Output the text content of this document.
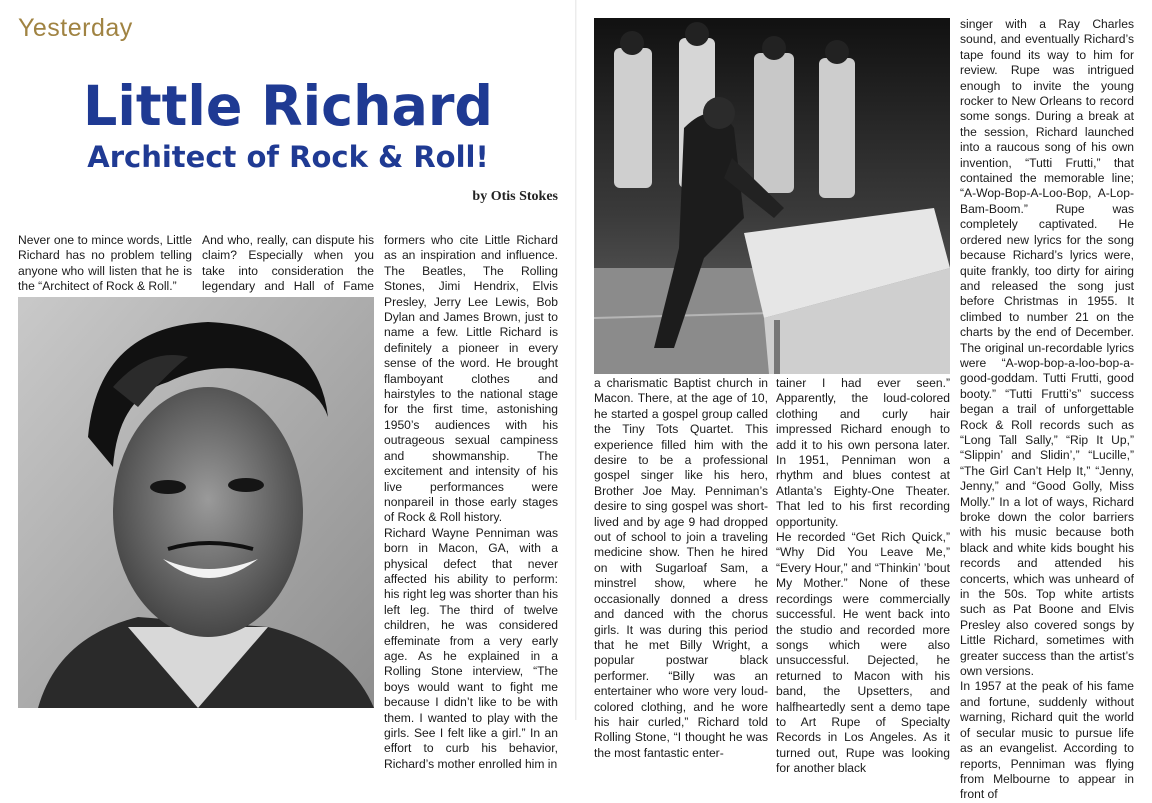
Yesterday
Little Richard
Architect of Rock & Roll!
by Otis Stokes

Never one to mince words, Little Richard has no problem telling anyone who will listen that he is the “Architect of Rock & Roll.”

And who, really, can dispute his claim? Especially when you take into consideration the legendary and Hall of Fame

formers who cite Little Richard as an inspiration and influence. The Beatles, The Rolling Stones, Jimi Hendrix, Elvis Presley, Jerry Lee Lewis, Bob Dylan and James Brown, just to name a few. Little Richard is definitely a pioneer in every sense of the word. He brought flamboyant clothes and hairstyles to the national stage for the first time, astonishing 1950’s audiences with his outrageous sexual campiness and showmanship. The excitement and intensity of his live performances were nonpareil in those early stages of Rock & Roll history.

Richard Wayne Penniman was born in Macon, GA, with a physical defect that never affected his ability to perform: his right leg was shorter than his left leg. The third of twelve children, he was considered effeminate from a very early age. As he explained in a Rolling Stone interview, “The boys would want to fight me because I didn’t like to be with them. I wanted to play with the girls. See I felt like a girl.” In an effort to curb his behavior, Richard’s mother enrolled him in

a charismatic Baptist church in Macon. There, at the age of 10, he started a gospel group called the Tiny Tots Quartet. This experience filled him with the desire to be a professional gospel singer like his hero, Brother Joe May. Penniman’s desire to sing gospel was short-lived and by age 9 had dropped out of school to join a traveling medicine show. Then he hired on with Sugarloaf Sam, a minstrel show, where he occasionally donned a dress and danced with the chorus girls. It was during this period that he met Billy Wright, a popular postwar black performer. “Billy was an entertainer who wore very loud-colored clothing, and he wore his hair curled,” Richard told Rolling Stone, “I thought he was the most fantastic enter-

tainer I had ever seen.” Apparently, the loud-colored clothing and curly hair impressed Richard enough to add it to his own persona later. In 1951, Penniman won a rhythm and blues contest at Atlanta’s Eighty-One Theater. That led to his first recording opportunity.

He recorded “Get Rich Quick,” “Why Did You Leave Me,” “Every Hour,” and “Thinkin’ ’bout My Mother.” None of these recordings were commercially successful. He went back into the studio and recorded more songs which were also unsuccessful. Dejected, he returned to Macon with his band, the Upsetters, and halfheartedly sent a demo tape to Art Rupe of Specialty Records in Los Angeles. As it turned out, Rupe was looking for another black

singer with a Ray Charles sound, and eventually Richard’s tape found its way to him for review. Rupe was intrigued enough to invite the young rocker to New Orleans to record some songs. During a break at the session, Richard launched into a raucous song of his own invention, “Tutti Frutti,” that contained the memorable line; “A-Wop-Bop-A-Loo-Bop, A-Lop-Bam-Boom.” Rupe was completely captivated. He ordered new lyrics for the song because Richard’s lyrics were, quite frankly, too dirty for airing and released the song just before Christmas in 1955. It climbed to number 21 on the charts by the end of December. The original un-recordable lyrics were “A-wop-bop-a-loo-bop-a-good-goddam. Tutti Frutti, good booty.” “Tutti Frutti’s” success began a trail of unforgettable Rock & Roll records such as “Long Tall Sally,” “Rip It Up,” “Slippin’ and Slidin’,” “Lucille,” “The Girl Can’t Help It,” “Jenny, Jenny,” and “Good Golly, Miss Molly.” In a lot of ways, Richard broke down the color barriers with his music because both black and white kids bought his records and attended his concerts, which was unheard of in the 50s. Top white artists such as Pat Boone and Elvis Presley also covered songs by Little Richard, sometimes with greater success than the artist’s own versions.

In 1957 at the peak of his fame and fortune, suddenly without warning, Richard quit the world of secular music to pursue life as an evangelist. According to reports, Penniman was flying from Melbourne to appear in front of
